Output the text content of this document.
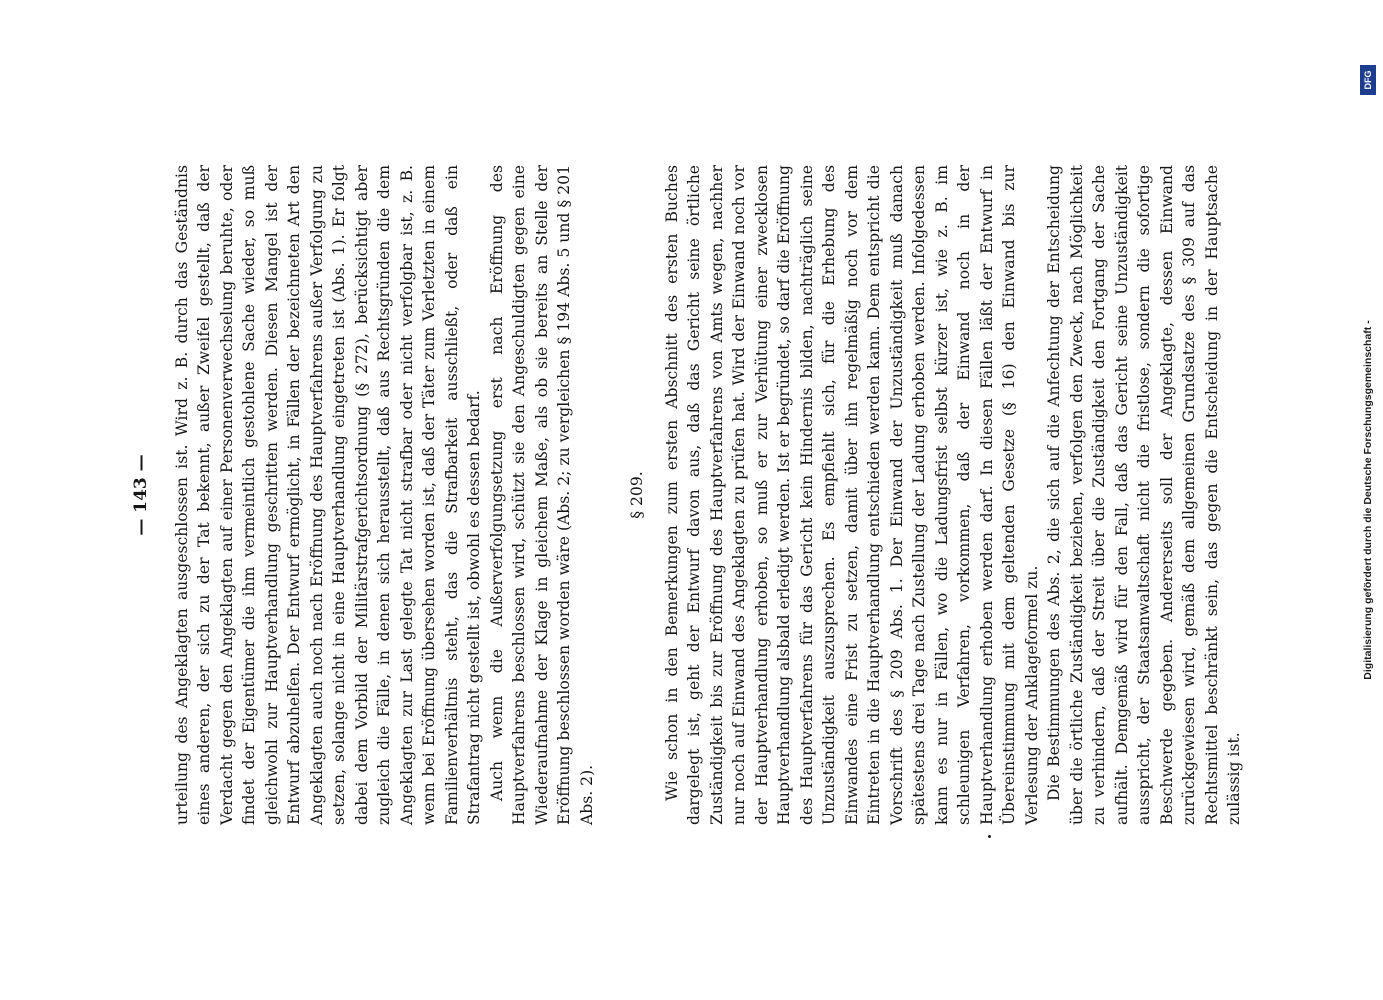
— 143 — urteilung des Angeklagten ausgeschlossen ist. Wird z. B. durch das Geständnis eines anderen, der sich zu der Tat bekennt, außer Zweifel gestellt, daß der Verdacht gegen den Angeklagten auf einer Personenverwechselung beruhte, oder findet der Eigentümer die ihm vermeintlich gestohlene Sache wieder, so muß gleichwohl zur Hauptverhandlung geschritten werden. Diesen Mangel ist der Entwurf abzuhelfen. Der Entwurf ermöglicht, in Fällen der bezeichneten Art den Angeklagten auch noch nach Eröffnung des Hauptverfahrens außer Verfolgung zu setzen, solange nicht in eine Hauptverhandlung eingetreten ist (Abs. 1). Er folgt dabei dem Vorbild der Militärstrafgerichtsordnung (§ 272), berücksichtigt aber zugleich die Fälle, in denen sich herausstellt, daß aus Rechtsgründen die dem Angeklagten zur Last gelegte Tat nicht strafbar oder nicht verfolgbar ist, z. B. wenn bei Eröffnung übersehen worden ist, daß der Täter zum Verletzten in einem Familienverhältnis steht, das die Strafbarkeit ausschließt, oder daß ein Strafantrag nicht gestellt ist, obwohl es dessen bedarf. Auch wenn die Außerverfolgungsetzung erst nach Eröffnung des Hauptverfahrens beschlossen wird, schützt sie den Angeschuldigten gegen eine Wiederaufnahme der Klage in gleichem Maße, als ob sie bereits an Stelle der Eröffnung beschlossen worden wäre (Abs. 2; zu vergleichen § 194 Abs. 5 und § 201 Abs. 2).

§ 209. Wie schon in den Bemerkungen zum ersten Abschnitt des ersten Buches dargelegt ist, geht der Entwurf davon aus, daß das Gericht seine örtliche Zuständigkeit bis zur Eröffnung des Hauptverfahrens von Amts wegen, nachher nur noch auf Einwand des Angeklagten zu prüfen hat. Wird der Einwand noch vor der Hauptverhandlung erhoben, so muß er zur Verhütung einer zwecklosen Hauptverhandlung alsbald erledigt werden. Ist er begründet, so darf die Eröffnung des Hauptverfahrens für das Gericht kein Hindernis bilden, nachträglich seine Unzuständigkeit auszusprechen. Es empfiehlt sich, für die Erhebung des Einwandes eine Frist zu setzen, damit über ihn regelmäßig noch vor dem Eintreten in die Hauptverhandlung entschieden werden kann. Dem entspricht die Vorschrift des § 209 Abs. 1. Der Einwand der Unzuständigkeit muß danach spätestens drei Tage nach Zustellung der Ladung erhoben werden. Infolgedessen kann es nur in Fällen, wo die Ladungsfrist selbst kürzer ist, wie z. B. im schleunigen Verfahren, vorkommen, daß der Einwand noch in der Hauptverhandlung erhoben werden darf. In diesen Fällen läßt der Entwurf in Übereinstimmung mit dem geltenden Gesetze (§ 16) den Einwand bis zur Verlesung der Anklageformel zu. Die Bestimmungen des Abs. 2, die sich auf die Anfechtung der Entscheidung über die örtliche Zuständigkeit beziehen, verfolgen den Zweck, nach Möglichkeit zu verhindern, daß der Streit über die Zuständigkeit den Fortgang der Sache aufhält. Demgemäß wird für den Fall, daß das Gericht seine Unzuständigkeit ausspricht, der Staatsanwaltschaft nicht die fristlose, sondern die sofortige Beschwerde gegeben. Andererseits soll der Angeklagte, dessen Einwand zurückgewiesen wird, gemäß dem allgemeinen Grundsatze des § 309 auf das Rechtsmittel beschränkt sein, das gegen die Entscheidung in der Hauptsache zulässig ist.

Digitalisierung gefördert durch die Deutsche Forschungsgemeinschaft -
DFG
